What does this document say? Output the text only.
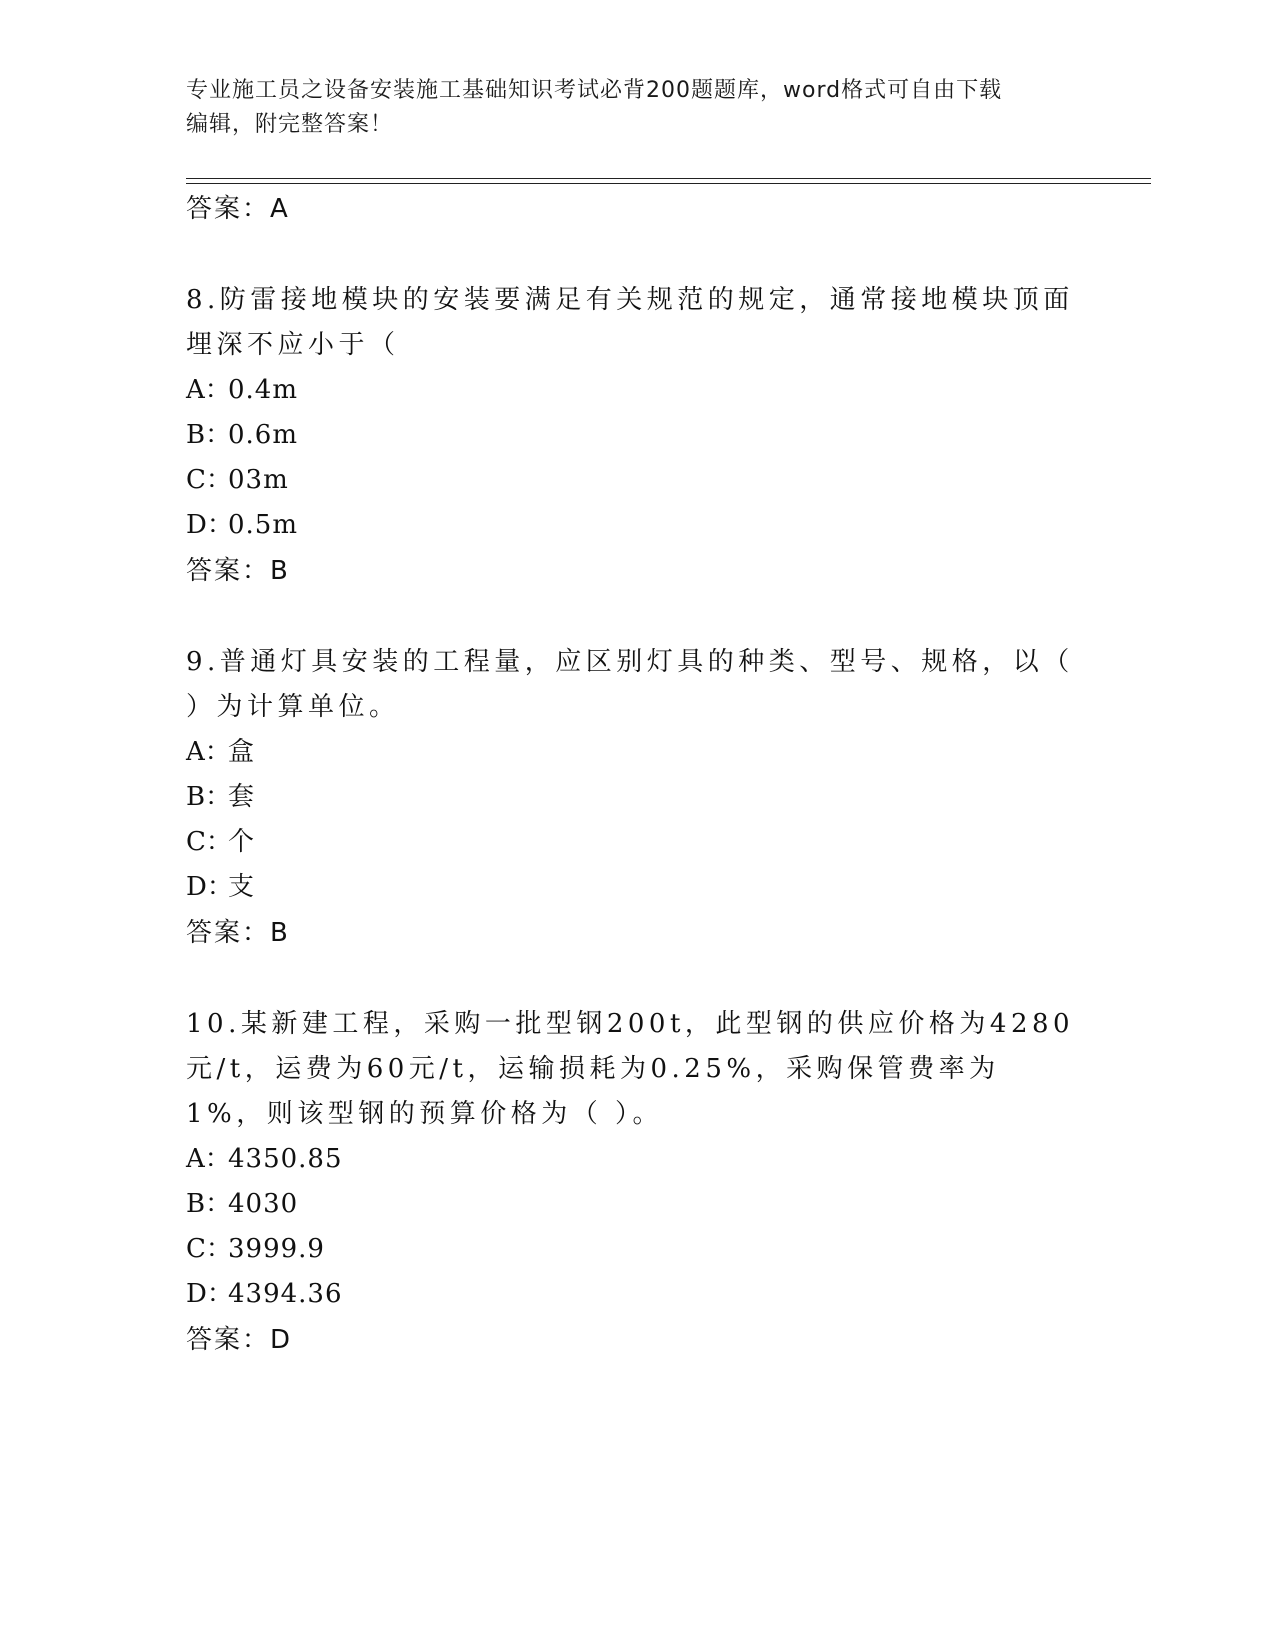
专业施工员之设备安装施工基础知识考试必背200题题库，word格式可自由下载
编辑，附完整答案！
答案：A
8.防雷接地模块的安装要满足有关规范的规定，通常接地模块顶面埋深不应小于（
A：0.4m
B：0.6m
C：03m
D：0.5m
答案：B
9.普通灯具安装的工程量，应区别灯具的种类、型号、规格，以（ ）为计算单位。
A：盒
B：套
C：个
D：支
答案：B
10.某新建工程，采购一批型钢200t，此型钢的供应价格为4280元/t，运费为60元/t，运输损耗为0.25%，采购保管费率为1%，则该型钢的预算价格为（ ）。
A：4350.85
B：4030
C：3999.9
D：4394.36
答案：D
